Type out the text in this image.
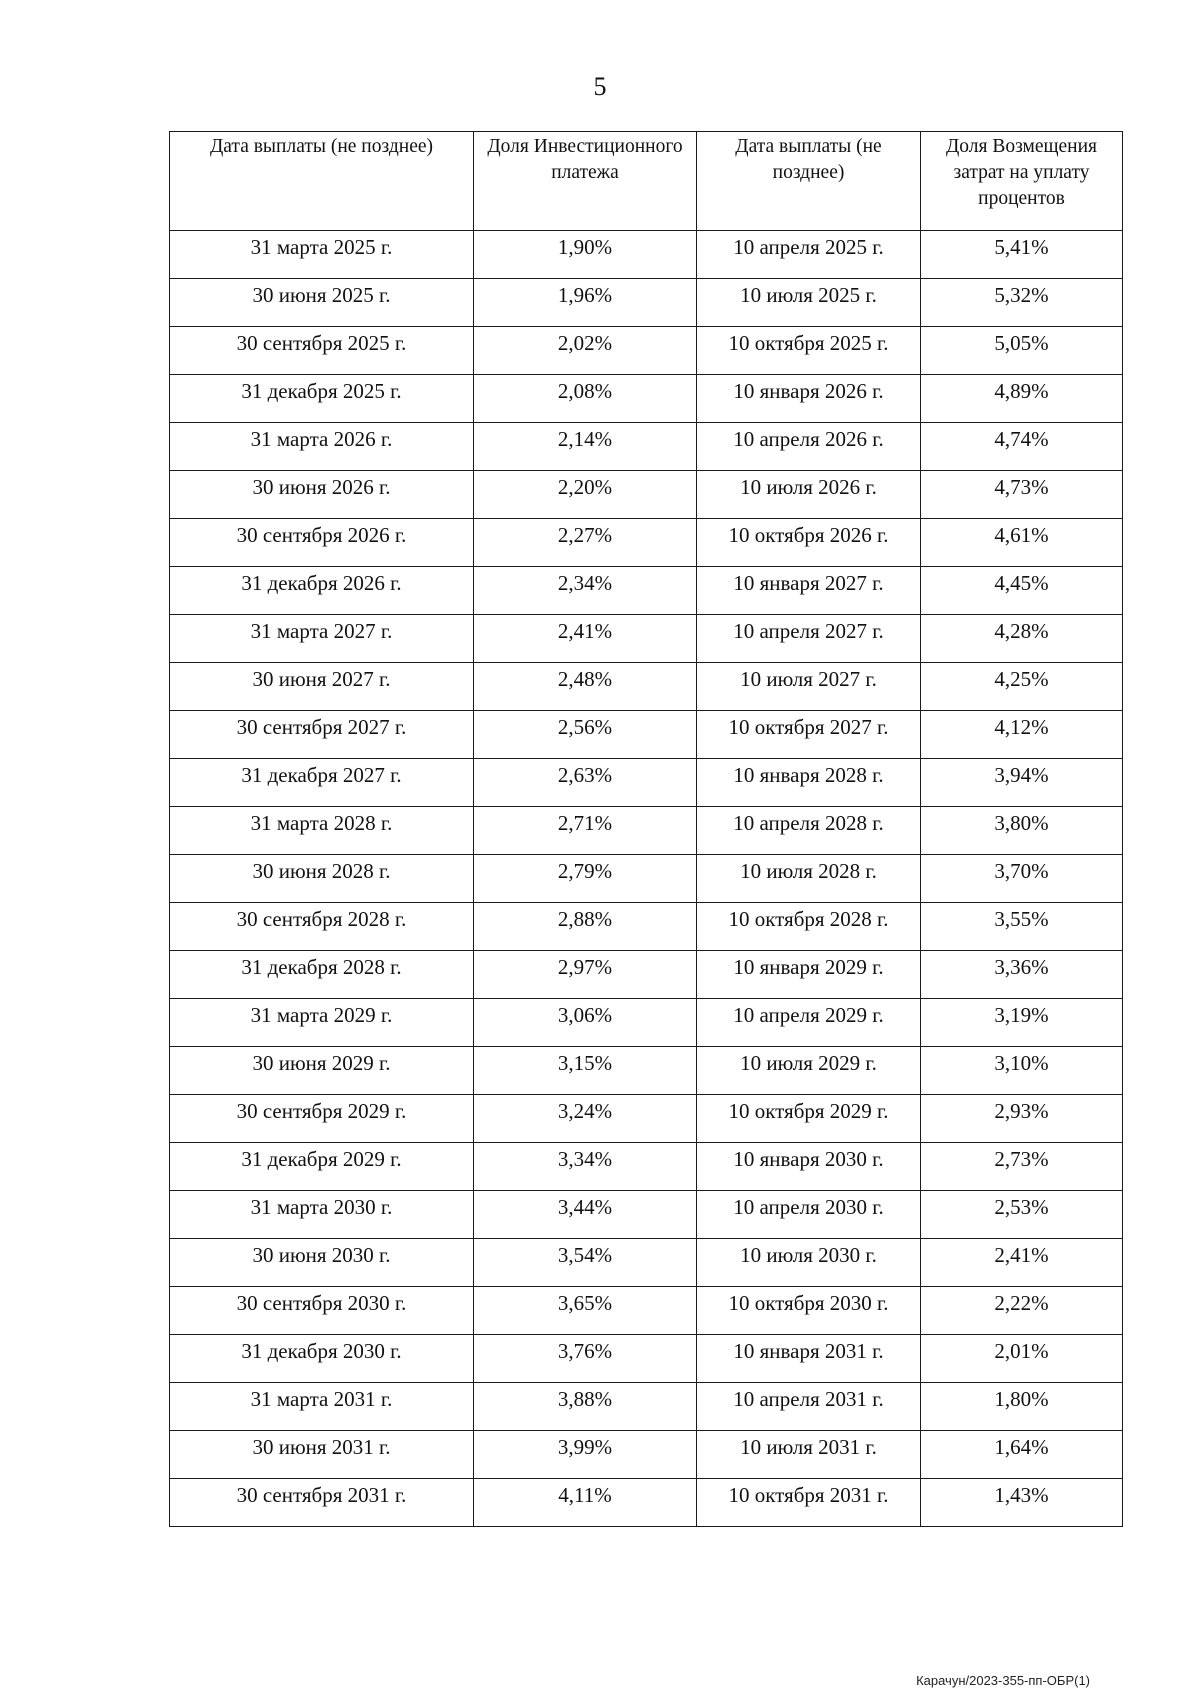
5
Дата выплаты (не позднее)	Доля Инвестиционного платежа	Дата выплаты (не позднее)	Доля Возмещения затрат на уплату процентов
31 марта 2025 г.	1,90%	10 апреля 2025 г.	5,41%
30 июня 2025 г.	1,96%	10 июля 2025 г.	5,32%
30 сентября 2025 г.	2,02%	10 октября 2025 г.	5,05%
31 декабря 2025 г.	2,08%	10 января 2026 г.	4,89%
31 марта 2026 г.	2,14%	10 апреля 2026 г.	4,74%
30 июня 2026 г.	2,20%	10 июля 2026 г.	4,73%
30 сентября 2026 г.	2,27%	10 октября 2026 г.	4,61%
31 декабря 2026 г.	2,34%	10 января 2027 г.	4,45%
31 марта 2027 г.	2,41%	10 апреля 2027 г.	4,28%
30 июня 2027 г.	2,48%	10 июля 2027 г.	4,25%
30 сентября 2027 г.	2,56%	10 октября 2027 г.	4,12%
31 декабря 2027 г.	2,63%	10 января 2028 г.	3,94%
31 марта 2028 г.	2,71%	10 апреля 2028 г.	3,80%
30 июня 2028 г.	2,79%	10 июля 2028 г.	3,70%
30 сентября 2028 г.	2,88%	10 октября 2028 г.	3,55%
31 декабря 2028 г.	2,97%	10 января 2029 г.	3,36%
31 марта 2029 г.	3,06%	10 апреля 2029 г.	3,19%
30 июня 2029 г.	3,15%	10 июля 2029 г.	3,10%
30 сентября 2029 г.	3,24%	10 октября 2029 г.	2,93%
31 декабря 2029 г.	3,34%	10 января 2030 г.	2,73%
31 марта 2030 г.	3,44%	10 апреля 2030 г.	2,53%
30 июня 2030 г.	3,54%	10 июля 2030 г.	2,41%
30 сентября 2030 г.	3,65%	10 октября 2030 г.	2,22%
31 декабря 2030 г.	3,76%	10 января 2031 г.	2,01%
31 марта 2031 г.	3,88%	10 апреля 2031 г.	1,80%
30 июня 2031 г.	3,99%	10 июля 2031 г.	1,64%
30 сентября 2031 г.	4,11%	10 октября 2031 г.	1,43%
Карачун/2023-355-пп-ОБР(1)
